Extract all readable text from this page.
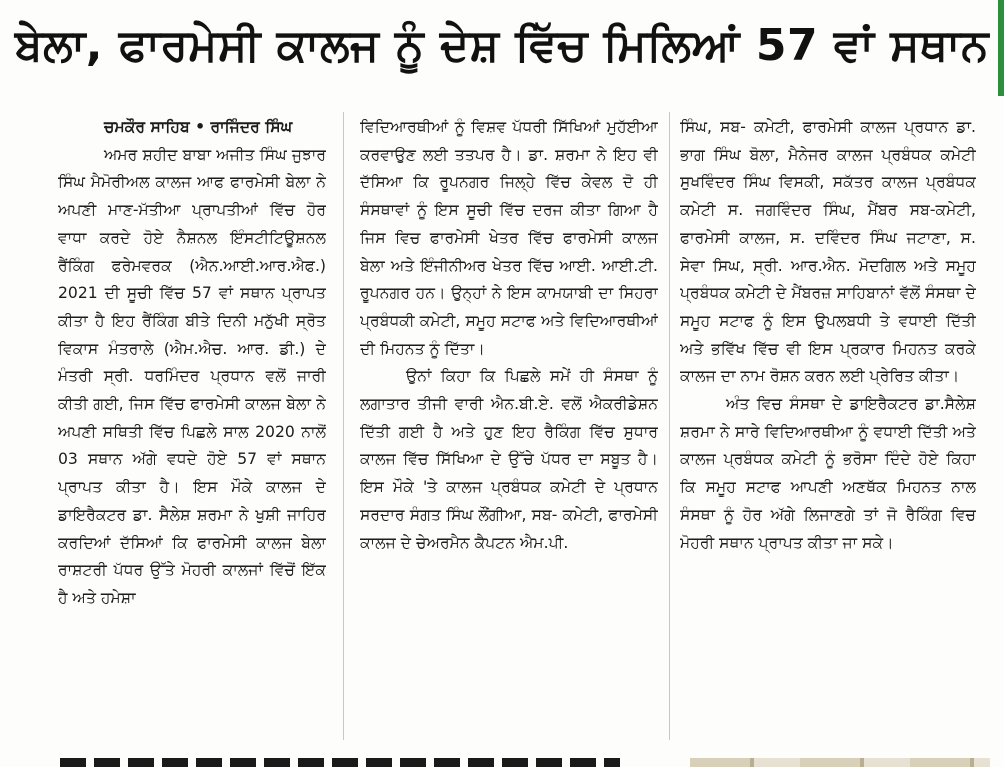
ਬੇਲਾ, ਫਾਰਮੇਸੀ ਕਾਲਜ ਨੂੰ ਦੇਸ਼ ਵਿੱਚ ਮਿਲਿਆਂ 57 ਵਾਂ ਸਥਾਨ

ਚਮਕੌਰ ਸਾਹਿਬ • ਰਾਜਿੰਦਰ ਸਿੰਘ

ਅਮਰ ਸ਼ਹੀਦ ਬਾਬਾ ਅਜੀਤ ਸਿੰਘ ਜੁਝਾਰ ਸਿੰਘ ਮੈਮੋਰੀਅਲ ਕਾਲਜ ਆਫ ਫਾਰਮੇਸੀ ਬੇਲਾ ਨੇ ਅਪਣੀ ਮਾਣ-ਮੱਤੀਆ ਪ੍ਰਾਪਤੀਆਂ ਵਿੱਚ ਹੋਰ ਵਾਧਾ ਕਰਦੇ ਹੋਏ ਨੈਸ਼ਨਲ ਇੰਸਟੀਟਿਊਸ਼ਨਲ ਰੈਂਕਿੰਗ ਫਰੇਮਵਰਕ (ਐਨ.ਆਈ.ਆਰ.ਐਫ.) 2021 ਦੀ ਸੂਚੀ ਵਿੱਚ 57 ਵਾਂ ਸਥਾਨ ਪ੍ਰਾਪਤ ਕੀਤਾ ਹੈ ਇਹ ਰੈਂਕਿੰਗ ਬੀਤੇ ਦਿਨੀ ਮਨੁੱਖੀ ਸ੍ਰੋਤ ਵਿਕਾਸ ਮੰਤਰਾਲੇ (ਐਮ.ਐਚ. ਆਰ. ਡੀ.) ਦੇ ਮੰਤਰੀ ਸ੍ਰੀ. ਧਰਮਿੰਦਰ ਪ੍ਰਧਾਨ ਵਲੋਂ ਜਾਰੀ ਕੀਤੀ ਗਈ, ਜਿਸ ਵਿੱਚ ਫਾਰਮੇਸੀ ਕਾਲਜ ਬੇਲਾ ਨੇ ਅਪਣੀ ਸਥਿਤੀ ਵਿੱਚ ਪਿਛਲੇ ਸਾਲ 2020 ਨਾਲੋਂ 03 ਸਥਾਨ ਅੱਗੇ ਵਧਦੇ ਹੋਏ 57 ਵਾਂ ਸਥਾਨ ਪ੍ਰਾਪਤ ਕੀਤਾ ਹੈ। ਇਸ ਮੌਕੇ ਕਾਲਜ ਦੇ ਡਾਇਰੈਕਟਰ ਡਾ. ਸੈਲੇਸ਼ ਸ਼ਰਮਾ ਨੇ ਖੁਸ਼ੀ ਜਾਹਿਰ ਕਰਦਿਆਂ ਦੱਸਿਆਂ ਕਿ ਫਾਰਮੇਸੀ ਕਾਲਜ ਬੇਲਾ ਰਾਸ਼ਟਰੀ ਪੱਧਰ ਉੱਤੇ ਮੋਹਰੀ ਕਾਲਜਾਂ ਵਿੱਚੋਂ ਇੱਕ ਹੈ ਅਤੇ ਹਮੇਸ਼ਾ

ਵਿਦਿਆਰਥੀਆਂ ਨੂੰ ਵਿਸ਼ਵ ਪੱਧਰੀ ਸਿੱਖਿਆਂ ਮੁਹੱਈਆ ਕਰਵਾਉਣ ਲਈ ਤਤਪਰ ਹੈ। ਡਾ. ਸ਼ਰਮਾ ਨੇ ਇਹ ਵੀ ਦੱਸਿਆ ਕਿ ਰੂਪਨਗਰ ਜਿਲ੍ਹੇ ਵਿੱਚ ਕੇਵਲ ਦੋ ਹੀ ਸੰਸਥਾਵਾਂ ਨੂੰ ਇਸ ਸੂਚੀ ਵਿੱਚ ਦਰਜ ਕੀਤਾ ਗਿਆ ਹੈ ਜਿਸ ਵਿਚ ਫਾਰਮੇਸੀ ਖੇਤਰ ਵਿੱਚ ਫਾਰਮੇਸੀ ਕਾਲਜ ਬੇਲਾ ਅਤੇ ਇੰਜੀਨੀਅਰ ਖੇਤਰ ਵਿੱਚ ਆਈ. ਆਈ.ਟੀ. ਰੂਪਨਗਰ ਹਨ। ਉਨ੍ਹਾਂ ਨੇ ਇਸ ਕਾਮਯਾਬੀ ਦਾ ਸਿਹਰਾ ਪ੍ਰਬੰਧਕੀ ਕਮੇਟੀ, ਸਮੂਹ ਸਟਾਫ ਅਤੇ ਵਿਦਿਆਰਥੀਆਂ ਦੀ ਮਿਹਨਤ ਨੂੰ ਦਿੱਤਾ।

ਉਨਾਂ ਕਿਹਾ ਕਿ ਪਿਛਲੇ ਸਮੇਂ ਹੀ ਸੰਸਥਾ ਨੂੰ ਲਗਾਤਾਰ ਤੀਜੀ ਵਾਰੀ ਐਨ.ਬੀ.ਏ. ਵਲੋਂ ਐਕਰੀਡੇਸ਼ਨ ਦਿੱਤੀ ਗਈ ਹੈ ਅਤੇ ਹੁਣ ਇਹ ਰੈਕਿੰਗ ਵਿੱਚ ਸੁਧਾਰ ਕਾਲਜ ਵਿੱਚ ਸਿੱਖਿਆ ਦੇ ਉੱਚੇ ਪੱਧਰ ਦਾ ਸਬੂਤ ਹੈ। ਇਸ ਮੌਕੇ 'ਤੇ ਕਾਲਜ ਪ੍ਰਬੰਧਕ ਕਮੇਟੀ ਦੇ ਪ੍ਰਧਾਨ ਸਰਦਾਰ ਸੰਗਤ ਸਿੰਘ ਲੌਂਗੀਆ, ਸਬ- ਕਮੇਟੀ, ਫਾਰਮੇਸੀ ਕਾਲਜ ਦੇ ਚੇਅਰਮੈਨ ਕੈਪਟਨ ਐਮ.ਪੀ.

ਸਿੰਘ, ਸਬ- ਕਮੇਟੀ, ਫਾਰਮੇਸੀ ਕਾਲਜ ਪ੍ਰਧਾਨ ਡਾ. ਭਾਗ ਸਿੰਘ ਬੋਲਾ, ਮੈਨੇਜਰ ਕਾਲਜ ਪ੍ਰਬੰਧਕ ਕਮੇਟੀ ਸੁਖਵਿੰਦਰ ਸਿੰਘ ਵਿਸਕੀ, ਸਕੱਤਰ ਕਾਲਜ ਪ੍ਰਬੰਧਕ ਕਮੇਟੀ ਸ. ਜਗਵਿੰਦਰ ਸਿੰਘ, ਮੈਂਬਰ ਸਬ-ਕਮੇਟੀ, ਫਾਰਮੇਸੀ ਕਾਲਜ, ਸ. ਦਵਿੰਦਰ ਸਿੰਘ ਜਟਾਣਾ, ਸ. ਸੇਵਾ ਸਿਘ, ਸ੍ਰੀ. ਆਰ.ਐਨ. ਮੋਦਗਿਲ ਅਤੇ ਸਮੂਹ ਪ੍ਰਬੰਧਕ ਕਮੇਟੀ ਦੇ ਮੈਂਬਰਜ਼ ਸਾਹਿਬਾਨਾਂ ਵੱਲੋਂ ਸੰਸਥਾ ਦੇ ਸਮੂਹ ਸਟਾਫ ਨੂੰ ਇਸ ਉਪਲਬਧੀ ਤੇ ਵਧਾਈ ਦਿੱਤੀ ਅਤੇ ਭਵਿੱਖ ਵਿੱਚ ਵੀ ਇਸ ਪ੍ਰਕਾਰ ਮਿਹਨਤ ਕਰਕੇ ਕਾਲਜ ਦਾ ਨਾਮ ਰੋਸ਼ਨ ਕਰਨ ਲਈ ਪ੍ਰੇਰਿਤ ਕੀਤਾ।

ਅੰਤ ਵਿਚ ਸੰਸਥਾ ਦੇ ਡਾਇਰੈਕਟਰ ਡਾ.ਸੈਲੇਸ਼ ਸ਼ਰਮਾ ਨੇ ਸਾਰੇ ਵਿਦਿਆਰਥੀਆ ਨੂੰ ਵਧਾਈ ਦਿੱਤੀ ਅਤੇ ਕਾਲਜ ਪ੍ਰਬੰਧਕ ਕਮੇਟੀ ਨੂੰ ਭਰੋਸਾ ਦਿੰਦੇ ਹੋਏ ਕਿਹਾ ਕਿ ਸਮੂਹ ਸਟਾਫ ਆਪਣੀ ਅਣਥੱਕ ਮਿਹਨਤ ਨਾਲ ਸੰਸਥਾ ਨੂੰ ਹੋਰ ਅੱਗੇ ਲਿਜਾਣਗੇ ਤਾਂ ਜੋ ਰੈਕਿੰਗ ਵਿਚ ਮੋਹਰੀ ਸਥਾਨ ਪ੍ਰਾਪਤ ਕੀਤਾ ਜਾ ਸਕੇ।
